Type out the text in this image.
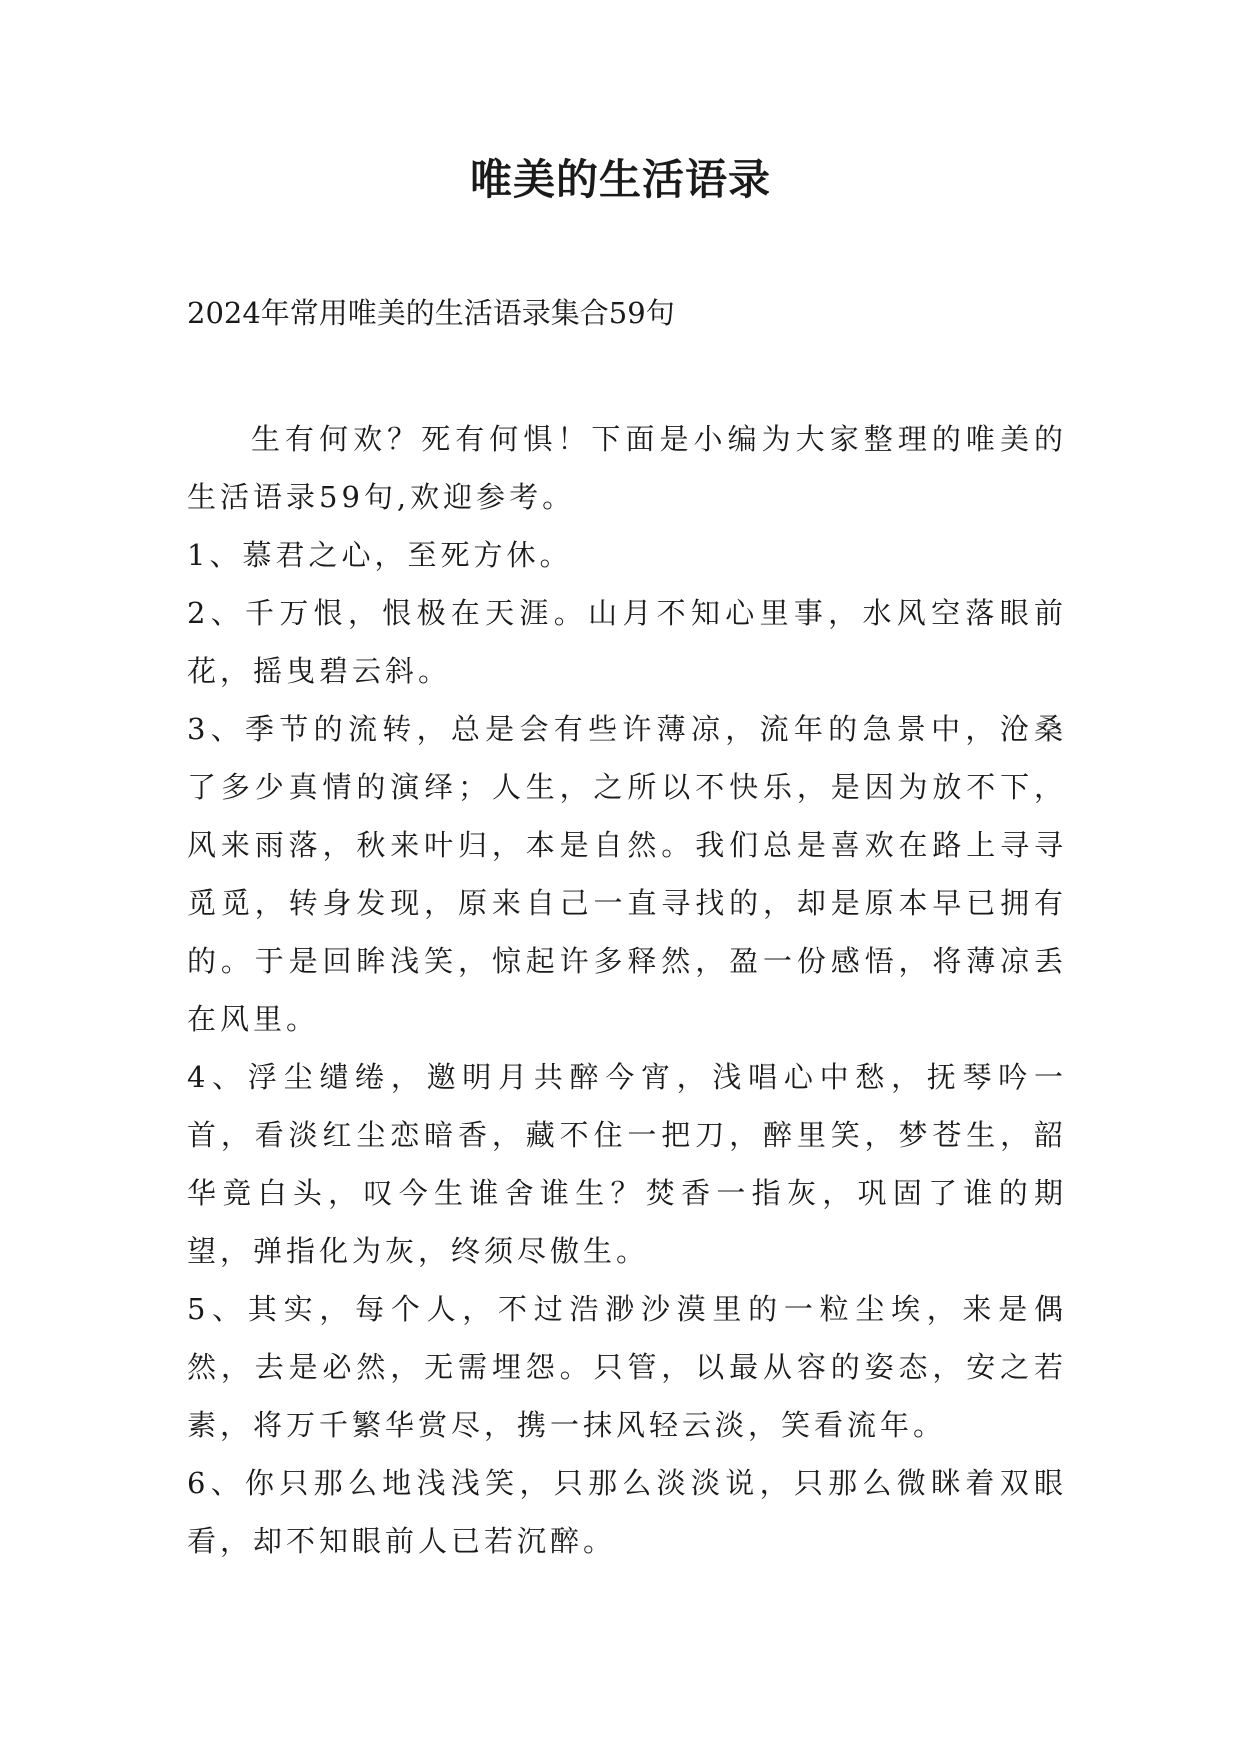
唯美的生活语录

2024年常用唯美的生活语录集合59句

生有何欢？死有何惧！下面是小编为大家整理的唯美的生活语录59句,欢迎参考。

1、慕君之心，至死方休。

2、千万恨，恨极在天涯。山月不知心里事，水风空落眼前花，摇曳碧云斜。

3、季节的流转，总是会有些许薄凉，流年的急景中，沧桑了多少真情的演绎；人生，之所以不快乐，是因为放不下，风来雨落，秋来叶归，本是自然。我们总是喜欢在路上寻寻觅觅，转身发现，原来自己一直寻找的，却是原本早已拥有的。于是回眸浅笑，惊起许多释然，盈一份感悟，将薄凉丢在风里。

4、浮尘缱绻，邀明月共醉今宵，浅唱心中愁，抚琴吟一首，看淡红尘恋暗香，藏不住一把刀，醉里笑，梦苍生，韶华竟白头，叹今生谁舍谁生？焚香一指灰，巩固了谁的期望，弹指化为灰，终须尽傲生。

5、其实，每个人，不过浩渺沙漠里的一粒尘埃，来是偶然，去是必然，无需埋怨。只管，以最从容的姿态，安之若素，将万千繁华赏尽，携一抹风轻云淡，笑看流年。

6、你只那么地浅浅笑，只那么淡淡说，只那么微眯着双眼看，却不知眼前人已若沉醉。
